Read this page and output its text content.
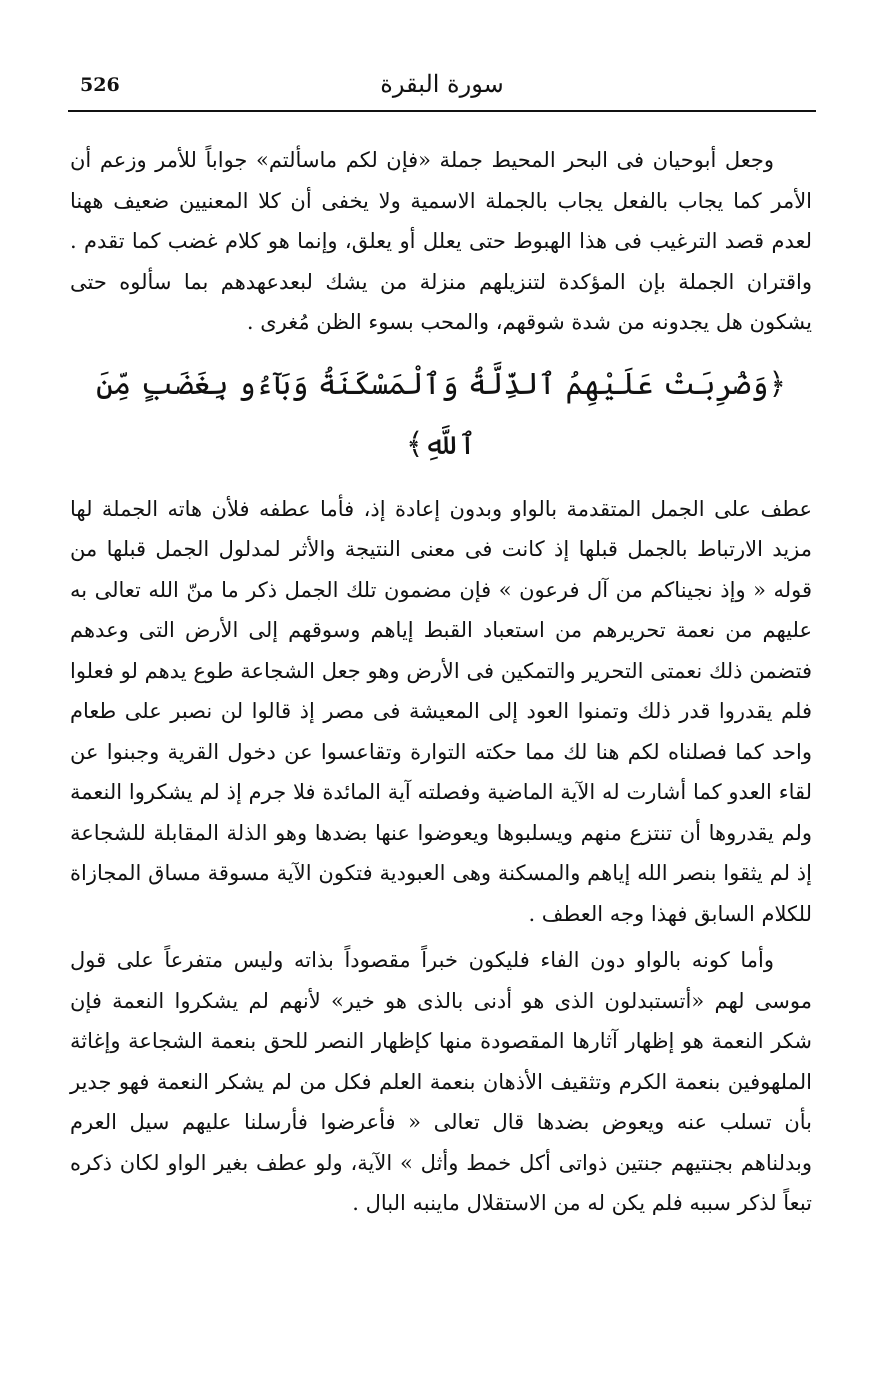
526	سورة البقرة

وجعل أبوحيان فى البحر المحيط جملة «فإن لكم ماسألتم» جواباً للأمر وزعم أن الأمر كما يجاب بالفعل يجاب بالجملة الاسمية ولا يخفى أن كلا المعنيين ضعيف ههنا لعدم قصد الترغيب فى هذا الهبوط حتى يعلل أو يعلق، وإنما هو كلام غضب كما تقدم . واقتران الجملة بإن المؤكدة لتنزيلهم منزلة من يشك لبعدعهدهم بما سألوه حتى يشكون هل يجدونه من شدة شوقهم، والمحب بسوء الظن مُغرى .

﴿وَضُرِبَتْ عَلَيْهِمُ ٱلذِّلَّةُ وَٱلْمَسْكَنَةُ وَبَآءُو بِغَضَبٍ مِّنَ ٱللَّهِ﴾

عطف على الجمل المتقدمة بالواو وبدون إعادة إذ، فأما عطفه فلأن هاته الجملة لها مزيد الارتباط بالجمل قبلها إذ كانت فى معنى النتيجة والأثر لمدلول الجمل قبلها من قوله « وإذ نجيناكم من آل فرعون » فإن مضمون تلك الجمل ذكر ما منّ الله تعالى به عليهم من نعمة تحريرهم من استعباد القبط إياهم وسوقهم إلى الأرض التى وعدهم فتضمن ذلك نعمتى التحرير والتمكين فى الأرض وهو جعل الشجاعة طوع يدهم لو فعلوا فلم يقدروا قدر ذلك وتمنوا العود إلى المعيشة فى مصر إذ قالوا لن نصبر على طعام واحد كما فصلناه لكم هنا لك مما حكته التوارة وتقاعسوا عن دخول القرية وجبنوا عن لقاء العدو كما أشارت له الآية الماضية وفصلته آية المائدة فلا جرم إذ لم يشكروا النعمة ولم يقدروها أن تنتزع منهم ويسلبوها ويعوضوا عنها بضدها وهو الذلة المقابلة للشجاعة إذ لم يثقوا بنصر الله إياهم والمسكنة وهى العبودية فتكون الآية مسوقة مساق المجازاة للكلام السابق فهذا وجه العطف .

وأما كونه بالواو دون الفاء فليكون خبراً مقصوداً بذاته وليس متفرعاً على قول موسى لهم «أتستبدلون الذى هو أدنى بالذى هو خير» لأنهم لم يشكروا النعمة فإن شكر النعمة هو إظهار آثارها المقصودة منها كإظهار النصر للحق بنعمة الشجاعة وإغاثة الملهوفين بنعمة الكرم وتثقيف الأذهان بنعمة العلم فكل من لم يشكر النعمة فهو جدير بأن تسلب عنه ويعوض بضدها قال تعالى « فأعرضوا فأرسلنا عليهم سيل العرم وبدلناهم بجنتيهم جنتين ذواتى أكل خمط وأثل » الآية، ولو عطف بغير الواو لكان ذكره تبعاً لذكر سببه فلم يكن له من الاستقلال ماينبه البال .
